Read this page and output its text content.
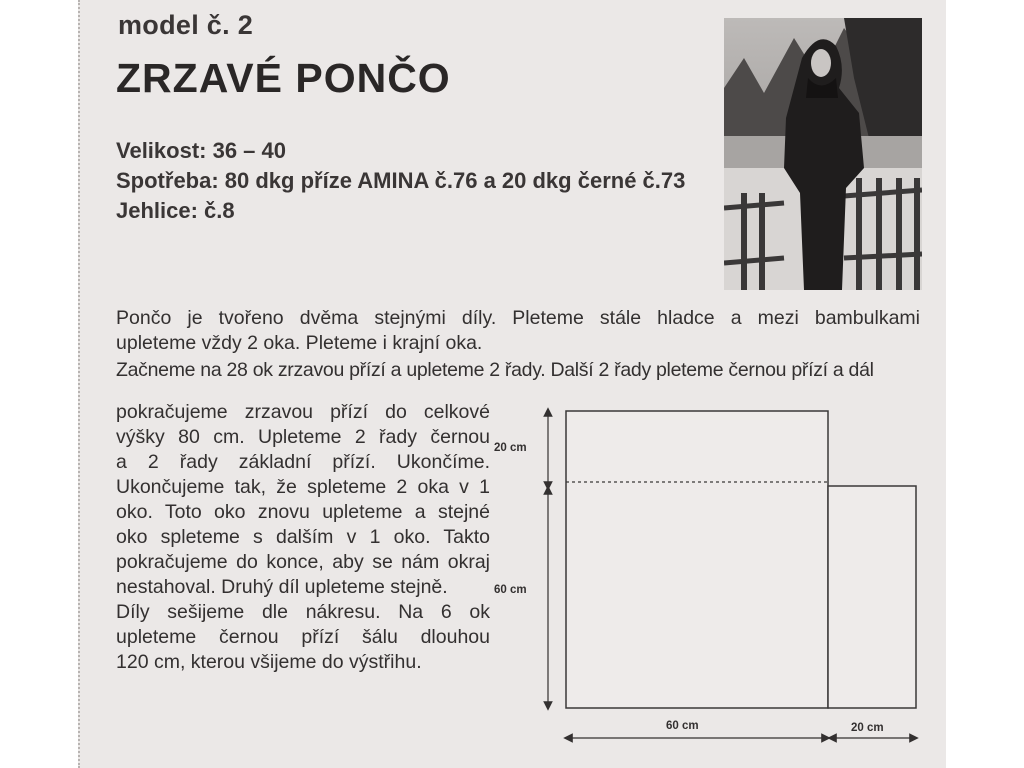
model č. 2
ZRZAVÉ PONČO
Velikost: 36 – 40
Spotřeba: 80 dkg příze AMINA č.76 a 20 dkg černé č.73
Jehlice: č.8
Pončo je tvořeno dvěma stejnými díly. Pleteme stále hladce a mezi bambulkami
upleteme vždy 2 oka. Pleteme i krajní oka.
Začneme na 28 ok zrzavou přízí a upleteme 2 řady. Další 2 řady pleteme černou přízí a dál
pokračujeme zrzavou přízí do celkové
výšky 80 cm. Upleteme 2 řady černou
a 2 řady základní přízí. Ukončíme.
Ukončujeme tak, že spleteme 2 oka v 1
oko. Toto oko znovu upleteme a stejné
oko spleteme s dalším v 1 oko. Takto
pokračujeme do konce, aby se nám okraj
nestahoval. Druhý díl upleteme stejně.
Díly sešijeme dle nákresu. Na 6 ok
upleteme černou přízí šálu dlouhou
120 cm, kterou všijeme do výstřihu.
20 cm
60 cm
60 cm	20 cm
